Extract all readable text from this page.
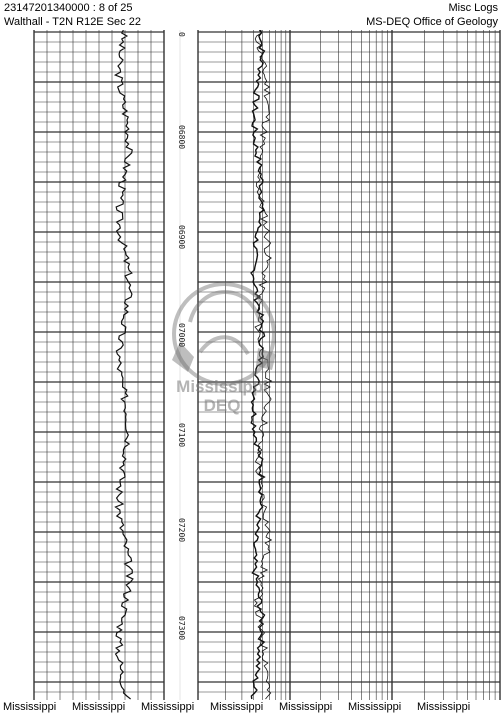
23147201340000 : 8 of 25
Walthall - T2N R12E Sec 22
Misc Logs
MS-DEQ Office of Geology
Mississippi
DEQ
0
06800
06900
07000
07100
07200
07300
Mississippi Mississippi Mississippi Mississippi Mississippi Mississippi Mississippi
